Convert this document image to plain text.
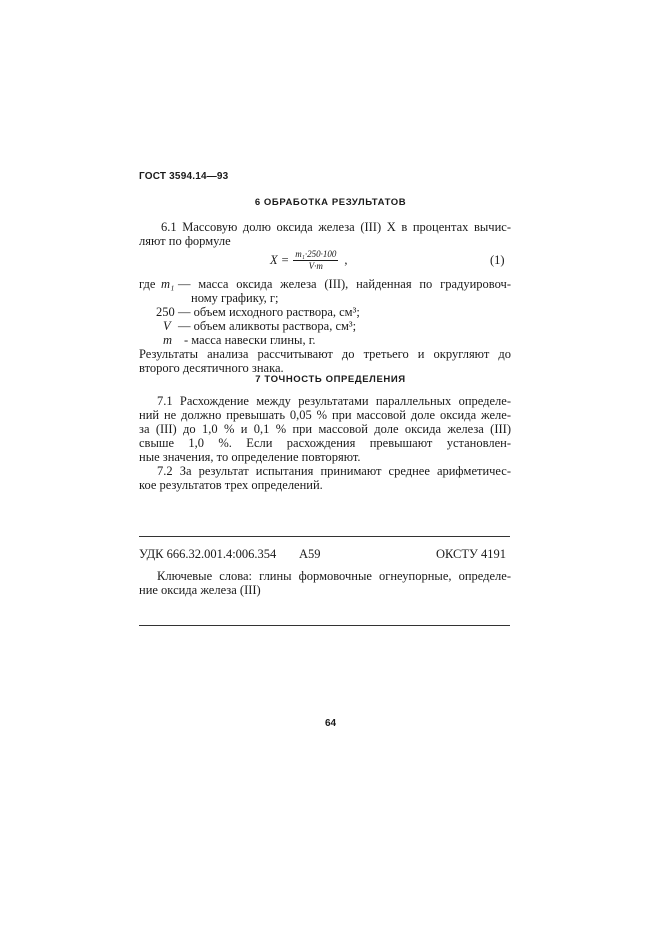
ГОСТ 3594.14—93
6 ОБРАБОТКА РЕЗУЛЬТАТОВ
6.1 Массовую долю оксида железа (III) X в процентах вычис-
ляют по формуле
$X = \frac{\text{m₁·250·100}}{V\cdot m}$ ,	(1)
где m₁ — масса оксида железа (III), найденная по градуировоч-
ному графику, г;
250 — объем исходного раствора, см³;
V — объем аликвоты раствора, см³;
m - масса навески глины, г.
Результаты анализа рассчитывают до третьего и округляют до
второго десятичного знака.
7 ТОЧНОСТЬ ОПРЕДЕЛЕНИЯ
7.1 Расхождение между результатами параллельных определе-
ний не должно превышать 0,05 % при массовой доле оксида желе-
за (III) до 1,0 % и 0,1 % при массовой доле оксида железа (III)
свыше 1,0 %. Если расхождения превышают установлен-
ные значения, то определение повторяют.
7.2 За результат испытания принимают среднее арифметичес-
кое результатов трех определений.
УДК 666.32.001.4:006.354 А59	ОКСТУ 4191
Ключевые слова: глины формовочные огнеупорные, определе-
ние оксида железа (III)
64
